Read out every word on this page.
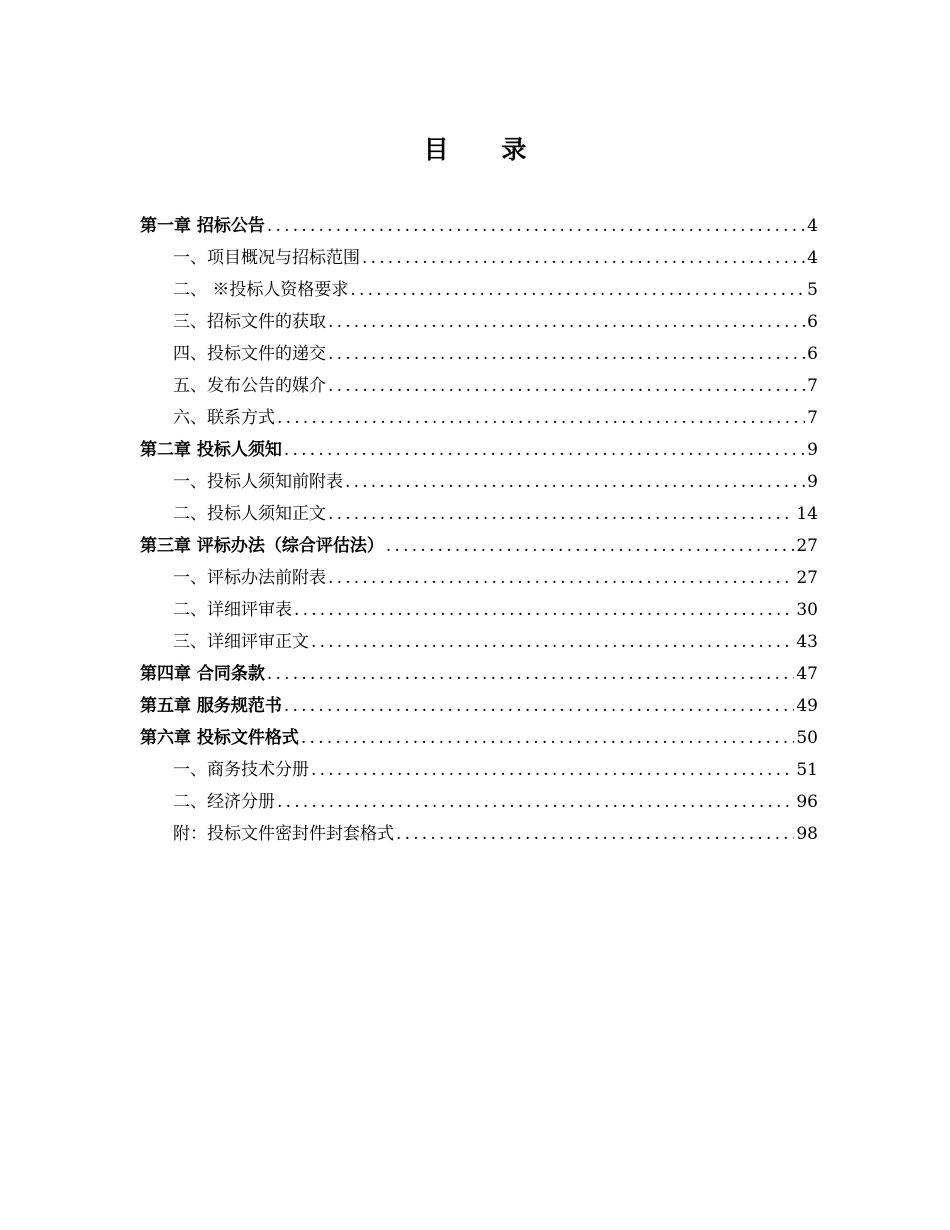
目 录
第一章 招标公告 .....	4
一、项目概况与招标范围 .....	4
二、 ※投标人资格要求 .....	5
三、招标文件的获取 .....	6
四、投标文件的递交 .....	6
五、发布公告的媒介 .....	7
六、联系方式 .....	7
第二章 投标人须知 .....	9
一、投标人须知前附表 .....	9
二、投标人须知正文 .....	14
第三章 评标办法（综合评估法） .....	27
一、评标办法前附表 .....	27
二、详细评审表 .....	30
三、详细评审正文 .....	43
第四章 合同条款 .....	47
第五章 服务规范书 .....	49
第六章 投标文件格式 .....	50
一、商务技术分册 .....	51
二、经济分册 .....	96
附：投标文件密封件封套格式 .....	98
